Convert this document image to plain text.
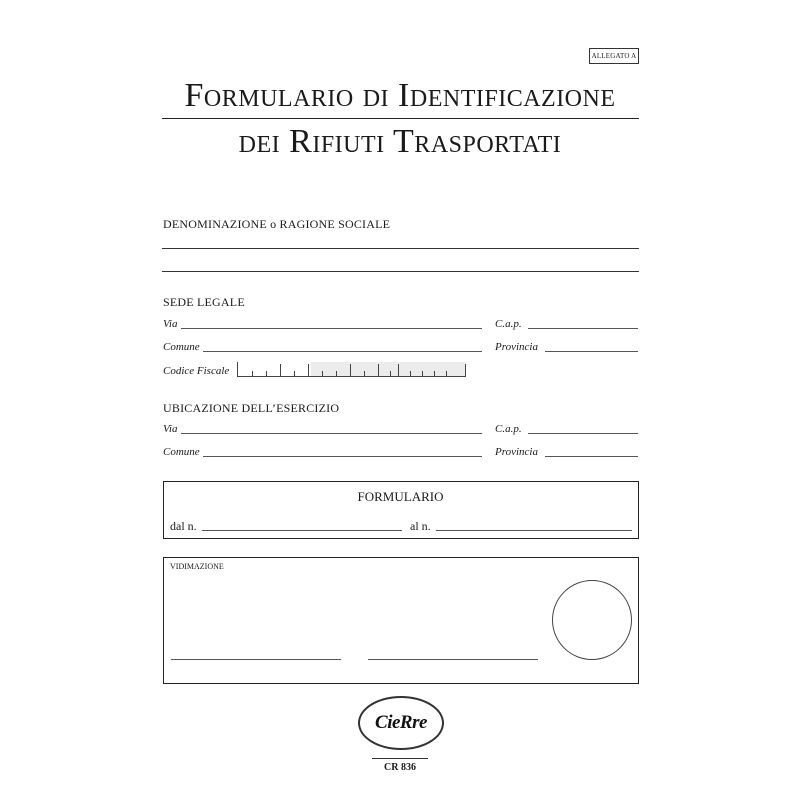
ALLEGATO A
Formulario di Identificazione
dei Rifiuti Trasportati
DENOMINAZIONE o RAGIONE SOCIALE
SEDE LEGALE
Via	C.a.p.
Comune	Provincia
Codice Fiscale
UBICAZIONE DELL’ESERCIZIO
Via	C.a.p.
Comune	Provincia
FORMULARIO
dal n.	al n.
VIDIMAZIONE
CieRre
CR 836
